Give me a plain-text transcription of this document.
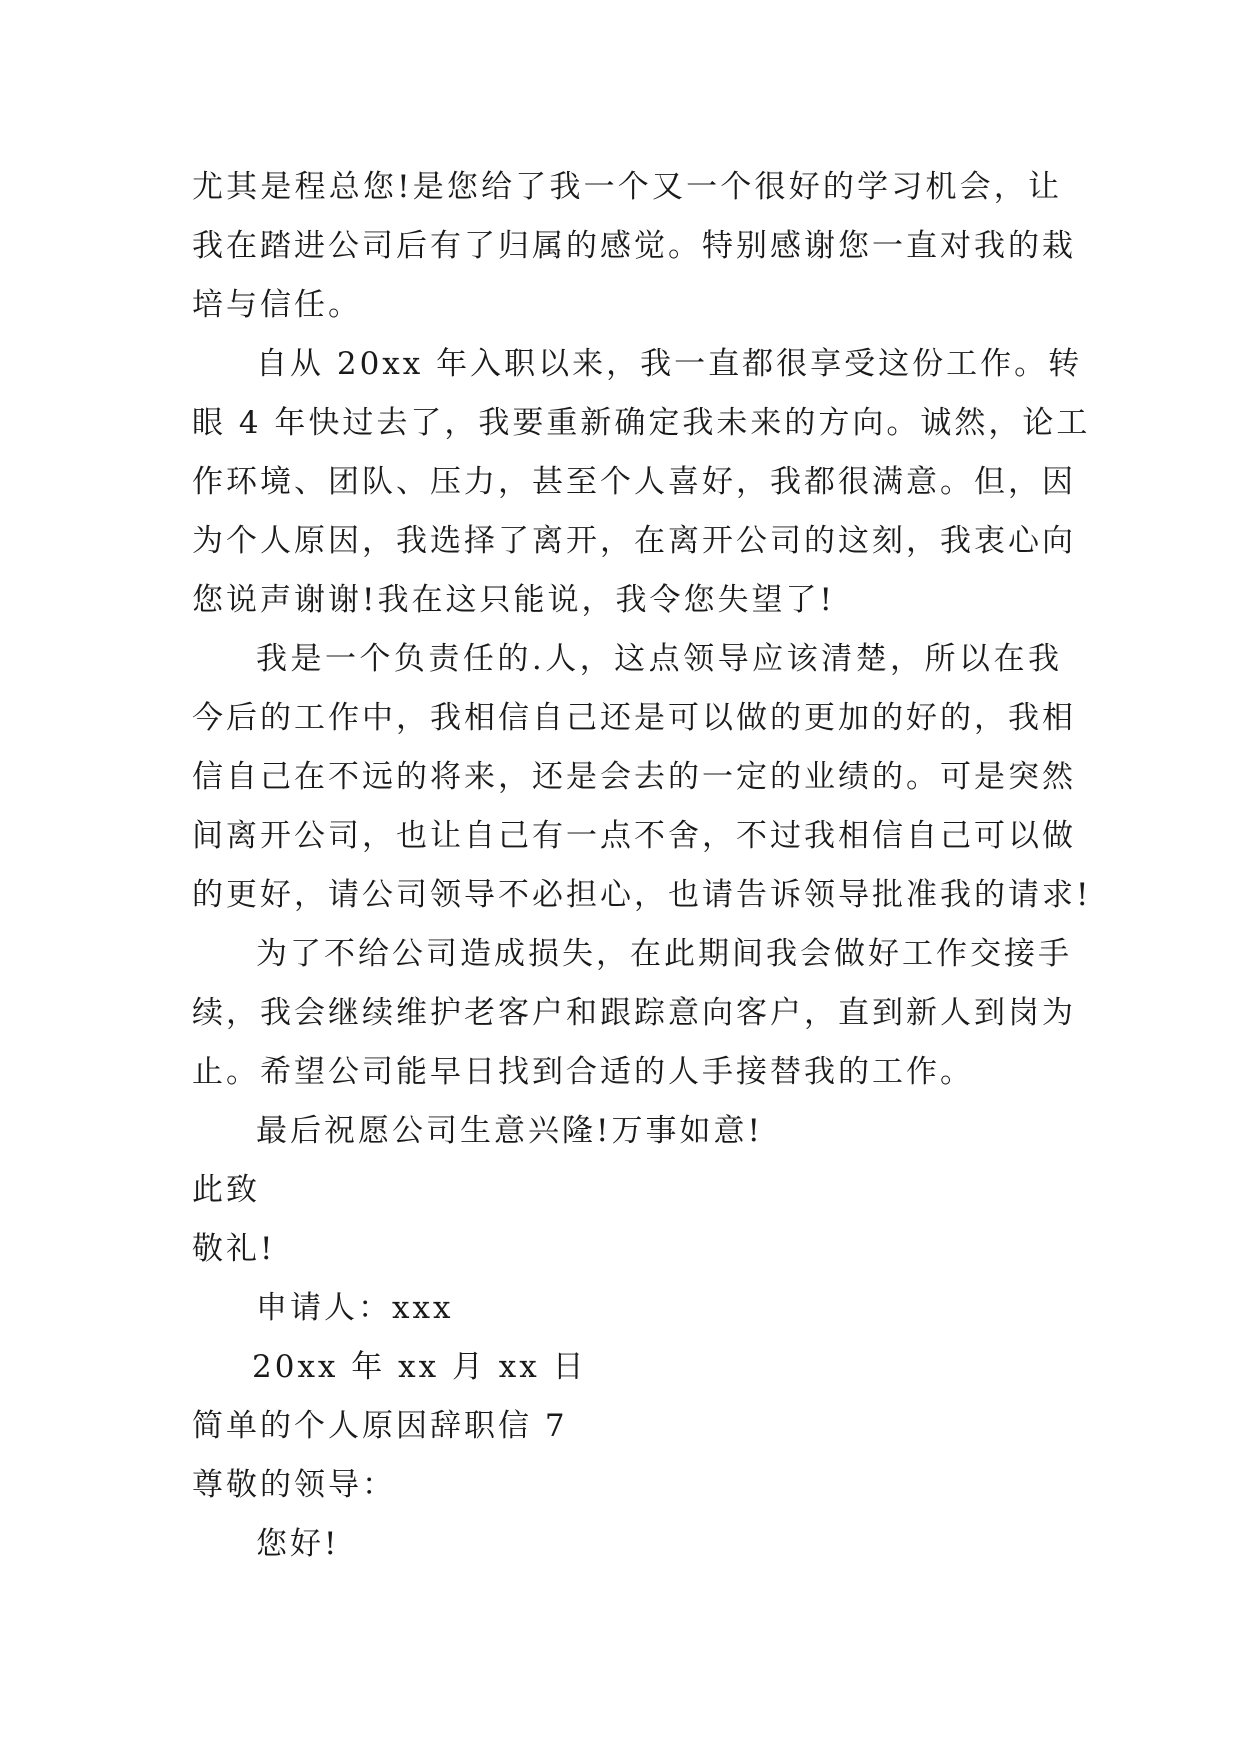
尤其是程总您!是您给了我一个又一个很好的学习机会，让
我在踏进公司后有了归属的感觉。特别感谢您一直对我的栽
培与信任。
自从 20xx 年入职以来，我一直都很享受这份工作。转
眼 4 年快过去了，我要重新确定我未来的方向。诚然，论工
作环境、团队、压力，甚至个人喜好，我都很满意。但，因
为个人原因，我选择了离开，在离开公司的这刻，我衷心向
您说声谢谢!我在这只能说，我令您失望了!
我是一个负责任的.人，这点领导应该清楚，所以在我
今后的工作中，我相信自己还是可以做的更加的好的，我相
信自己在不远的将来，还是会去的一定的业绩的。可是突然
间离开公司，也让自己有一点不舍，不过我相信自己可以做
的更好，请公司领导不必担心，也请告诉领导批准我的请求!
为了不给公司造成损失，在此期间我会做好工作交接手
续，我会继续维护老客户和跟踪意向客户，直到新人到岗为
止。希望公司能早日找到合适的人手接替我的工作。
最后祝愿公司生意兴隆!万事如意!
此致
敬礼!
申请人：xxx
20xx 年 xx 月 xx 日
简单的个人原因辞职信 7
尊敬的领导：
您好!
